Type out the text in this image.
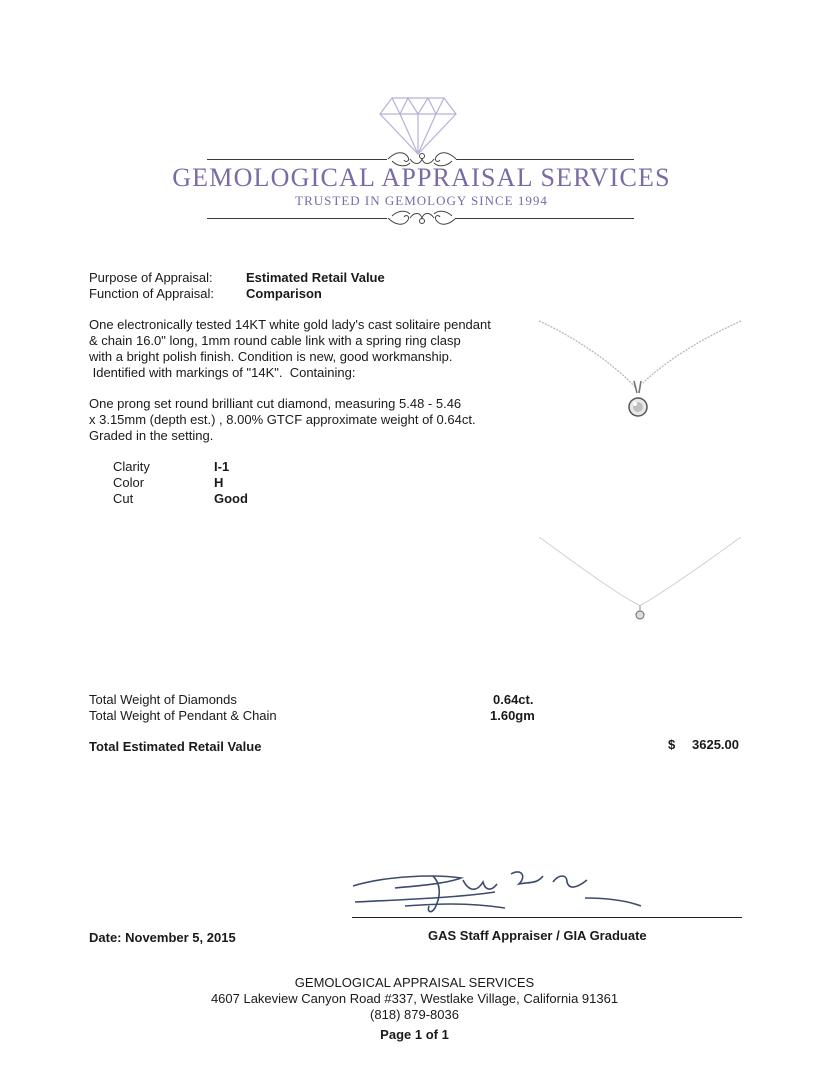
GEMOLOGICAL APPRAISAL SERVICES
TRUSTED IN GEMOLOGY SINCE 1994
Purpose of Appraisal:	Estimated Retail Value
Function of Appraisal: Comparison
One electronically tested 14KT white gold lady's cast solitaire pendant
& chain 16.0" long, 1mm round cable link with a spring ring clasp
with a bright polish finish. Condition is new, good workmanship.
Identified with markings of "14K".  Containing:
One prong set round brilliant cut diamond, measuring 5.48 - 5.46
x 3.15mm (depth est.) , 8.00% GTCF approximate weight of 0.64ct.
Graded in the setting.
Clarity	I-1
Color	H
Cut	Good
Total Weight of Diamonds	0.64ct.
Total Weight of Pendant & Chain	1.60gm
Total Estimated Retail Value	$ 3625.00
Date: November 5, 2015	GAS Staff Appraiser / GIA Graduate
GEMOLOGICAL APPRAISAL SERVICES
4607 Lakeview Canyon Road #337, Westlake Village, California 91361
(818) 879-8036
Page 1 of 1
